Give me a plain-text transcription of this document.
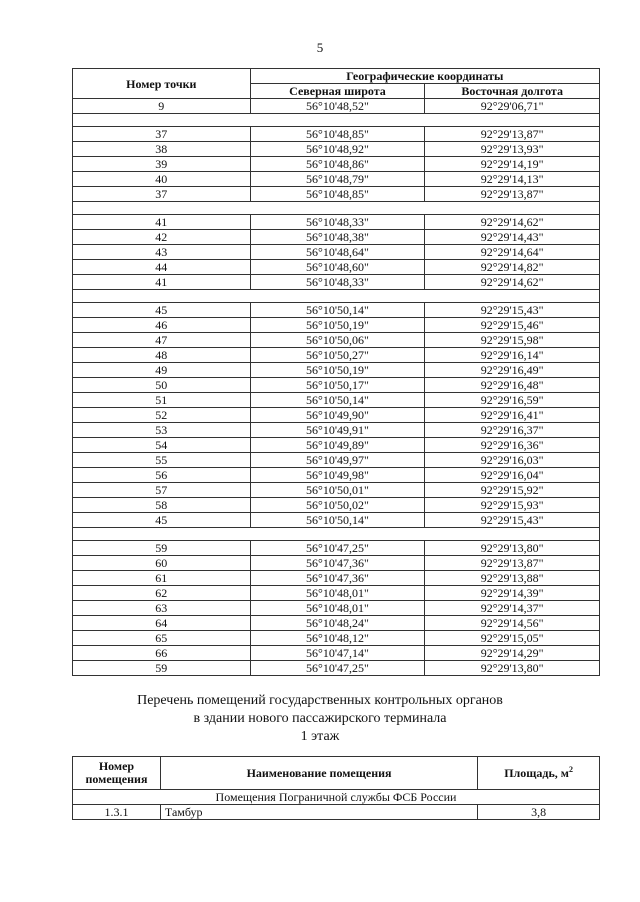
5
Номер точки	Географические координаты	
	Северная широта	Восточная долгота
9	56°10'48,52"	92°29'06,71"

37	56°10'48,85"	92°29'13,87"
38	56°10'48,92"	92°29'13,93"
39	56°10'48,86"	92°29'14,19"
40	56°10'48,79"	92°29'14,13"
37	56°10'48,85"	92°29'13,87"

41	56°10'48,33"	92°29'14,62"
42	56°10'48,38"	92°29'14,43"
43	56°10'48,64"	92°29'14,64"
44	56°10'48,60"	92°29'14,82"
41	56°10'48,33"	92°29'14,62"

45	56°10'50,14"	92°29'15,43"
46	56°10'50,19"	92°29'15,46"
47	56°10'50,06"	92°29'15,98"
48	56°10'50,27"	92°29'16,14"
49	56°10'50,19"	92°29'16,49"
50	56°10'50,17"	92°29'16,48"
51	56°10'50,14"	92°29'16,59"
52	56°10'49,90"	92°29'16,41"
53	56°10'49,91"	92°29'16,37"
54	56°10'49,89"	92°29'16,36"
55	56°10'49,97"	92°29'16,03"
56	56°10'49,98"	92°29'16,04"
57	56°10'50,01"	92°29'15,92"
58	56°10'50,02"	92°29'15,93"
45	56°10'50,14"	92°29'15,43"

59	56°10'47,25"	92°29'13,80"
60	56°10'47,36"	92°29'13,87"
61	56°10'47,36"	92°29'13,88"
62	56°10'48,01"	92°29'14,39"
63	56°10'48,01"	92°29'14,37"
64	56°10'48,24"	92°29'14,56"
65	56°10'48,12"	92°29'15,05"
66	56°10'47,14"	92°29'14,29"
59	56°10'47,25"	92°29'13,80"
Перечень помещений государственных контрольных органов
в здании нового пассажирского терминала
1 этаж
Номер помещения	Наименование помещения	Площадь, $м^2$
Помещения Пограничной службы ФСБ России		
1.3.1	Тамбур	3,8
